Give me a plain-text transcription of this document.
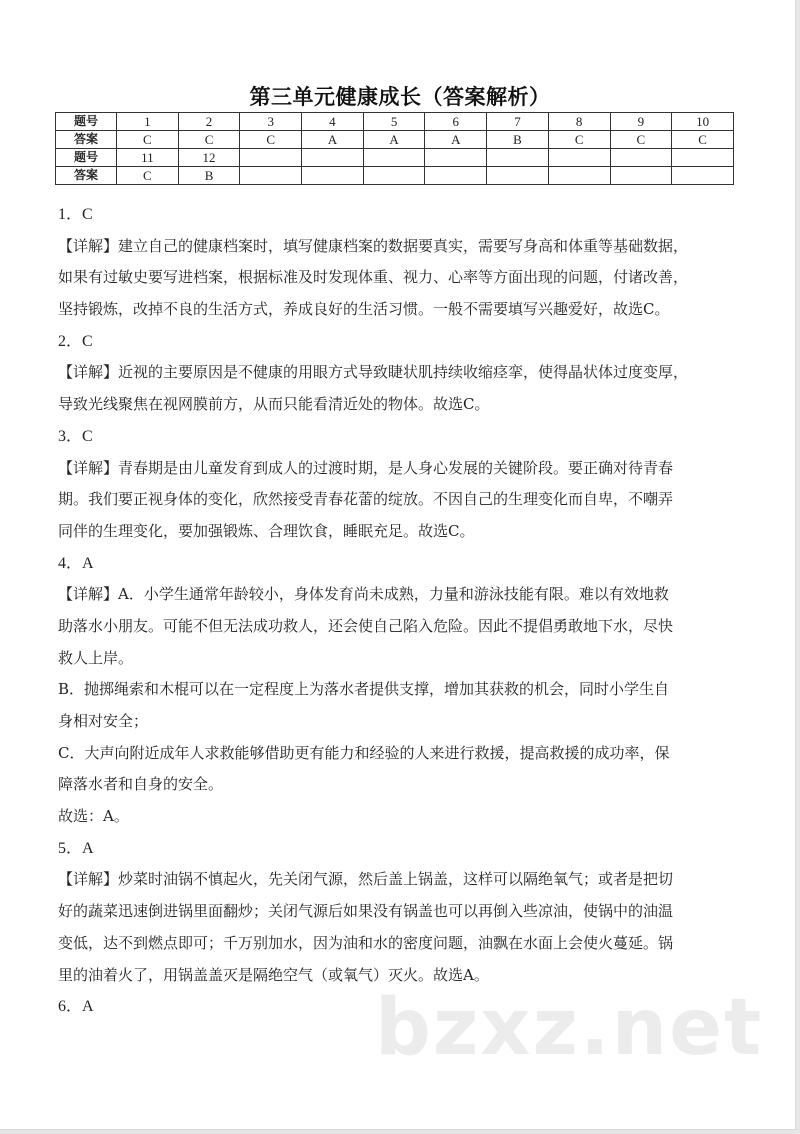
第三单元健康成长（答案解析）
题号	1	2	3	4	5	6	7	8	9	10
答案	C	C	C	A	A	A	B	C	C	C
题号	11	12								
答案	C	B								
1．C
【详解】建立自己的健康档案时，填写健康档案的数据要真实，需要写身高和体重等基础数据，
如果有过敏史要写进档案，根据标准及时发现体重、视力、心率等方面出现的问题，付诸改善，
坚持锻炼，改掉不良的生活方式，养成良好的生活习惯。一般不需要填写兴趣爱好，故选C。
2．C
【详解】近视的主要原因是不健康的用眼方式导致睫状肌持续收缩痉挛，使得晶状体过度变厚，
导致光线聚焦在视网膜前方，从而只能看清近处的物体。故选C。
3．C
【详解】青春期是由儿童发育到成人的过渡时期，是人身心发展的关键阶段。要正确对待青春
期。我们要正视身体的变化，欣然接受青春花蕾的绽放。不因自己的生理变化而自卑，不嘲弄
同伴的生理变化，要加强锻炼、合理饮食，睡眠充足。故选C。
4．A
【详解】A．小学生通常年龄较小，身体发育尚未成熟，力量和游泳技能有限。难以有效地救
助落水小朋友。可能不但无法成功救人，还会使自己陷入危险。因此不提倡勇敢地下水，尽快
救人上岸。
B．抛掷绳索和木棍可以在一定程度上为落水者提供支撑，增加其获救的机会，同时小学生自
身相对安全；
C．大声向附近成年人求救能够借助更有能力和经验的人来进行救援，提高救援的成功率，保
障落水者和自身的安全。
故选：A。
5．A
【详解】炒菜时油锅不慎起火，先关闭气源，然后盖上锅盖，这样可以隔绝氧气；或者是把切
好的蔬菜迅速倒进锅里面翻炒；关闭气源后如果没有锅盖也可以再倒入些凉油，使锅中的油温
变低，达不到燃点即可；千万别加水，因为油和水的密度问题，油飘在水面上会使火蔓延。锅
里的油着火了，用锅盖盖灭是隔绝空气（或氧气）灭火。故选A。
6．A	bzxz.net
